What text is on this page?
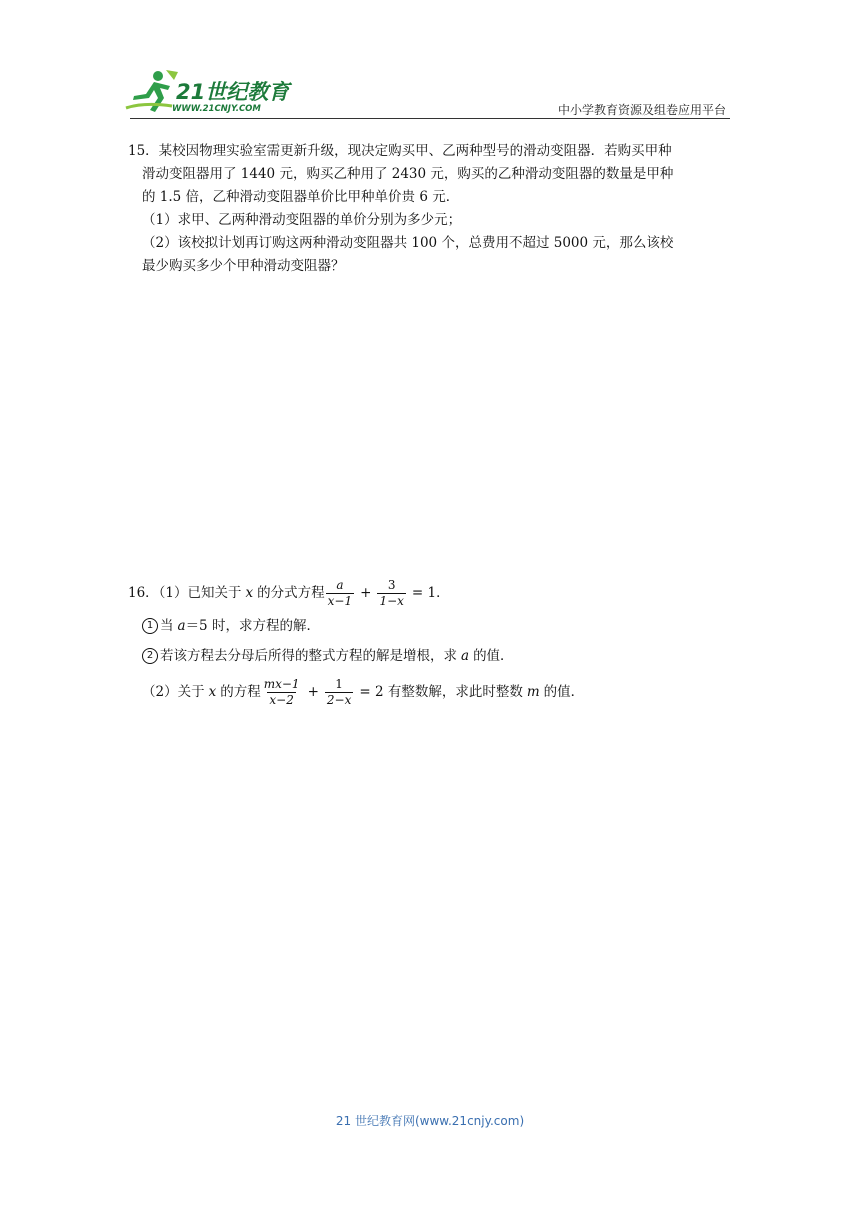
21世纪教育
WWW.21CNJY.COM	中小学教育资源及组卷应用平台
15．某校因物理实验室需更新升级，现决定购买甲、乙两种型号的滑动变阻器．若购买甲种
滑动变阻器用了 1440 元，购买乙种用了 2430 元，购买的乙种滑动变阻器的数量是甲种
的 1.5 倍，乙种滑动变阻器单价比甲种单价贵 6 元．
（1）求甲、乙两种滑动变阻器的单价分别为多少元；
（2）该校拟计划再订购这两种滑动变阻器共 100 个，总费用不超过 5000 元，那么该校
最少购买多少个甲种滑动变阻器？
16．（1）已知关于 x 的分式方程 $\frac{a}{x-1} + \frac{3}{1-x} = 1$．
1 当 a ＝5 时，求方程的解．
2 若该方程去分母后所得的整式方程的解是增根，求 a 的值．
（2）关于 x 的方程 $\frac{mx-1}{x-2} + \frac{1}{2-x} = 2$ 有整数解，求此时整数 m 的值．
21 世纪教育网(www.21cnjy.com)
